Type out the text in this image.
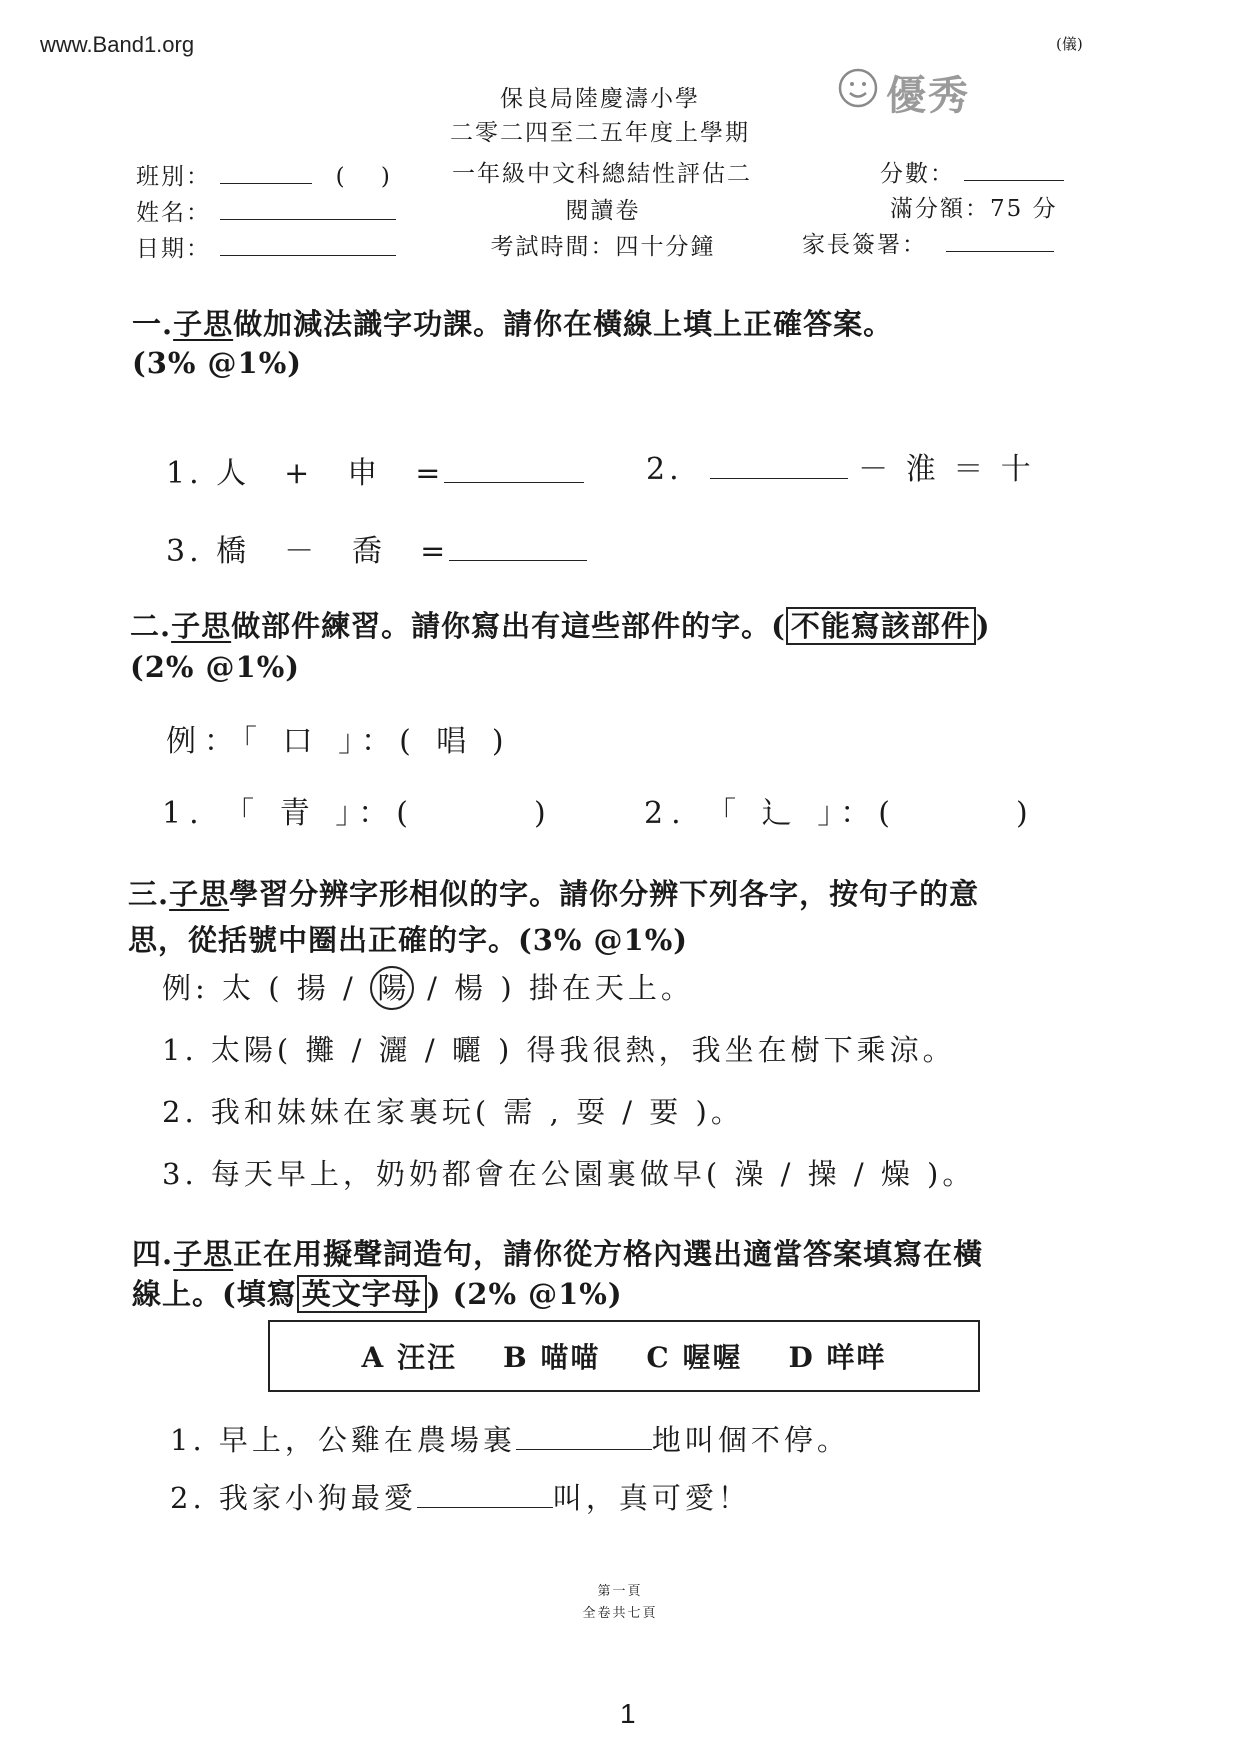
www.Band1.org	(儀)
優秀
保良局陸慶濤小學
二零二四至二五年度上學期
一年級中文科總結性評估二
閱讀卷
考試時間：四十分鐘
班別：	(　 )
姓名：
日期：
分數：
滿分額：75 分
家長簽署：
一.子思做加減法識字功課。請你在橫線上填上正確答案。
(3% @1%)
1. 人　+　申　=	2.	－ 淮 ＝ 十
3. 橋　－　喬　=
二.子思做部件練習。請你寫出有這些部件的字。( 不能寫該部件 )
(2% @1%)
例：「 口 」：( 唱 )
1. 「 青 」：(	)	2. 「 辶 」：(	)
三.子思學習分辨字形相似的字。請你分辨下列各字，按句子的意
思，從括號中圈出正確的字。(3% @1%)
例: 太 ( 揚 / 陽 / 楊 ) 掛在天上。
1. 太陽( 攤 / 灑 / 曬 ) 得我很熱，我坐在樹下乘涼。
2. 我和妹妹在家裏玩( 需 , 耍 / 要 )。
3. 每天早上，奶奶都會在公園裏做早( 澡 / 操 / 燥 )。
四.子思正在用擬聲詞造句，請你從方格內選出適當答案填寫在橫
線上。(填寫 英文字母 ) (2% @1%)
A 汪汪 B 喵喵 C 喔喔 D 咩咩
1. 早上，公雞在農場裏	地叫個不停。
2. 我家小狗最愛	叫，真可愛！
第一頁
全卷共七頁
1
